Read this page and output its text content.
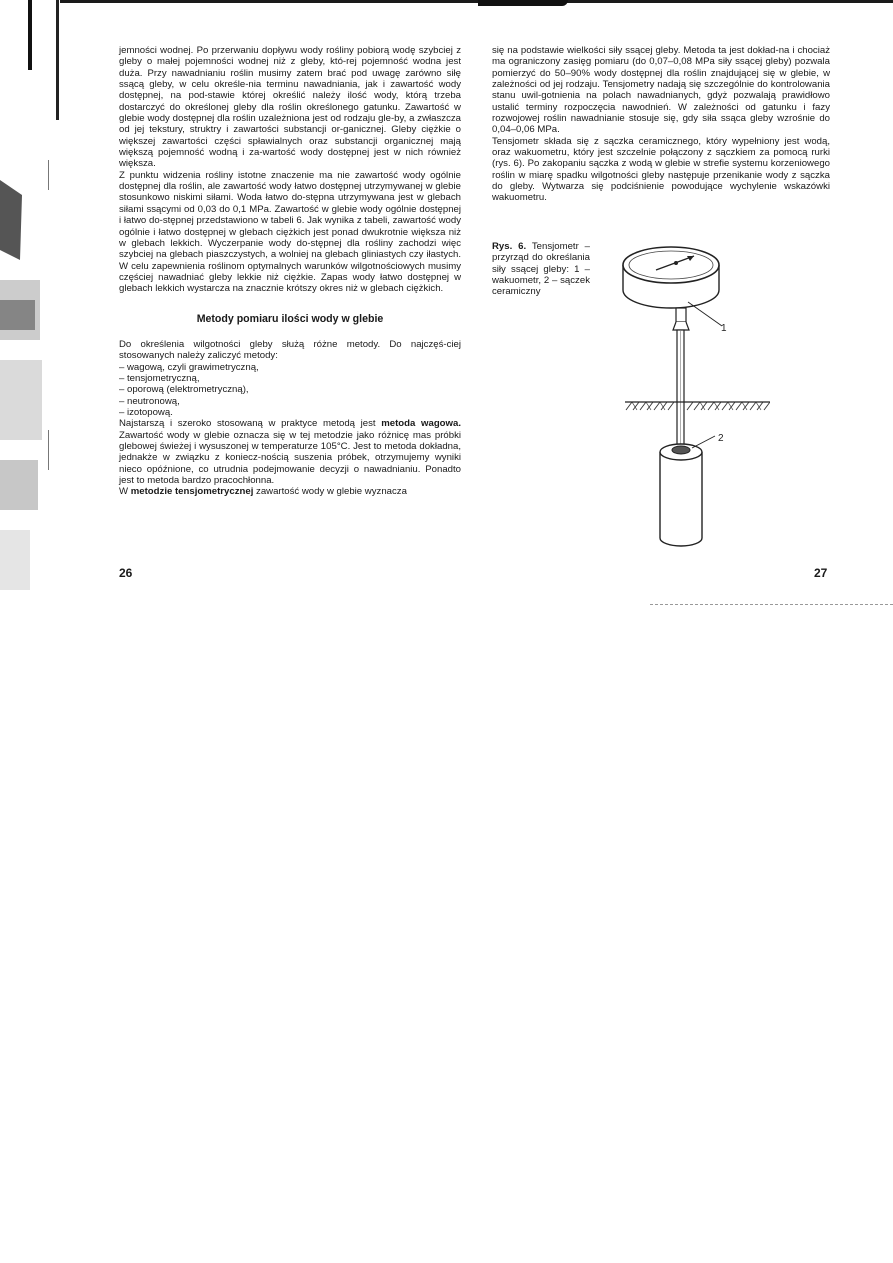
jemności wodnej. Po przerwaniu dopływu wody rośliny pobiorą wodę szybciej z gleby o małej pojemności wodnej niż z gleby, któ-rej pojemność wodna jest duża. Przy nawadnianiu roślin musimy zatem brać pod uwagę zarówno siłę ssącą gleby, w celu określe-nia terminu nawadniania, jak i zawartość wody dostępnej, na pod-stawie której określić należy ilość wody, którą trzeba dostarczyć do określonej gleby dla roślin określonego gatunku. Zawartość w glebie wody dostępnej dla roślin uzależniona jest od rodzaju gle-by, a zwłaszcza od jej tekstury, struktry i zawartości substancji or-ganicznej. Gleby ciężkie o większej zawartości części spławialnych oraz substancji organicznej mają większą pojemność wodną i za-wartość wody dostępnej jest w nich również większa.

Z punktu widzenia rośliny istotne znaczenie ma nie zawartość wody ogólnie dostępnej dla roślin, ale zawartość wody łatwo dostępnej utrzymywanej w glebie stosunkowo niskimi siłami. Woda łatwo do-stępna utrzymywana jest w glebach siłami ssącymi od 0,03 do 0,1 MPa. Zawartość w glebie wody ogólnie dostępnej i łatwo do-stępnej przedstawiono w tabeli 6. Jak wynika z tabeli, zawartość wody ogólnie i łatwo dostępnej w glebach ciężkich jest ponad dwukrotnie większa niż w glebach lekkich. Wyczerpanie wody do-stępnej dla rośliny zachodzi więc szybciej na glebach piaszczystych, a wolniej na glebach gliniastych czy iłastych. W celu zapewnienia roślinom optymalnych warunków wilgotnościowych musimy częściej nawadniać gleby lekkie niż ciężkie. Zapas wody łatwo dostępnej w glebach lekkich wystarcza na znacznie krótszy okres niż w glebach ciężkich.

Metody pomiaru ilości wody w glebie

Do określenia wilgotności gleby służą różne metody. Do najczęś-ciej stosowanych należy zaliczyć metody:

– wagową, czyli grawimetryczną,
– tensjometryczną,
– oporową (elektrometryczną),
– neutronową,
– izotopową.

Najstarszą i szeroko stosowaną w praktyce metodą jest metoda wagowa. Zawartość wody w glebie oznacza się w tej metodzie jako różnicę mas próbki glebowej świeżej i wysuszonej w temperaturze 105°C. Jest to metoda dokładna, jednakże w związku z koniecz-nością suszenia próbek, otrzymujemy wyniki nieco opóźnione, co utrudnia podejmowanie decyzji o nawadnianiu. Ponadto jest to metoda bardzo pracochłonna.

W metodzie tensjometrycznej zawartość wody w glebie wyznacza

się na podstawie wielkości siły ssącej gleby. Metoda ta jest dokład-na i chociaż ma ograniczony zasięg pomiaru (do 0,07–0,08 MPa siły ssącej gleby) pozwala pomierzyć do 50–90% wody dostępnej dla roślin znajdującej się w glebie, w zależności od jej rodzaju. Tensjometry nadają się szczególnie do kontrolowania stanu uwil-gotnienia na polach nawadnianych, gdyż pozwalają prawidłowo ustalić terminy rozpoczęcia nawodnień. W zależności od gatunku i fazy rozwojowej roślin nawadnianie stosuje się, gdy siła ssąca gleby wzrośnie do 0,04–0,06 MPa.

Tensjometr składa się z sączka ceramicznego, który wypełniony jest wodą, oraz wakuometru, który jest szczelnie połączony z sączkiem za pomocą rurki (rys. 6). Po zakopaniu sączka z wodą w glebie w strefie systemu korzeniowego roślin w miarę spadku wilgotności gleby następuje przenikanie wody z sączka do gleby. Wytwarza się podciśnienie powodujące wychylenie wskazówki wakuometru.

Rys. 6. Tensjometr – przyrząd do określania siły ssącej gleby: 1 – wakuometr, 2 – sączek ceramiczny
1
2
26	27
